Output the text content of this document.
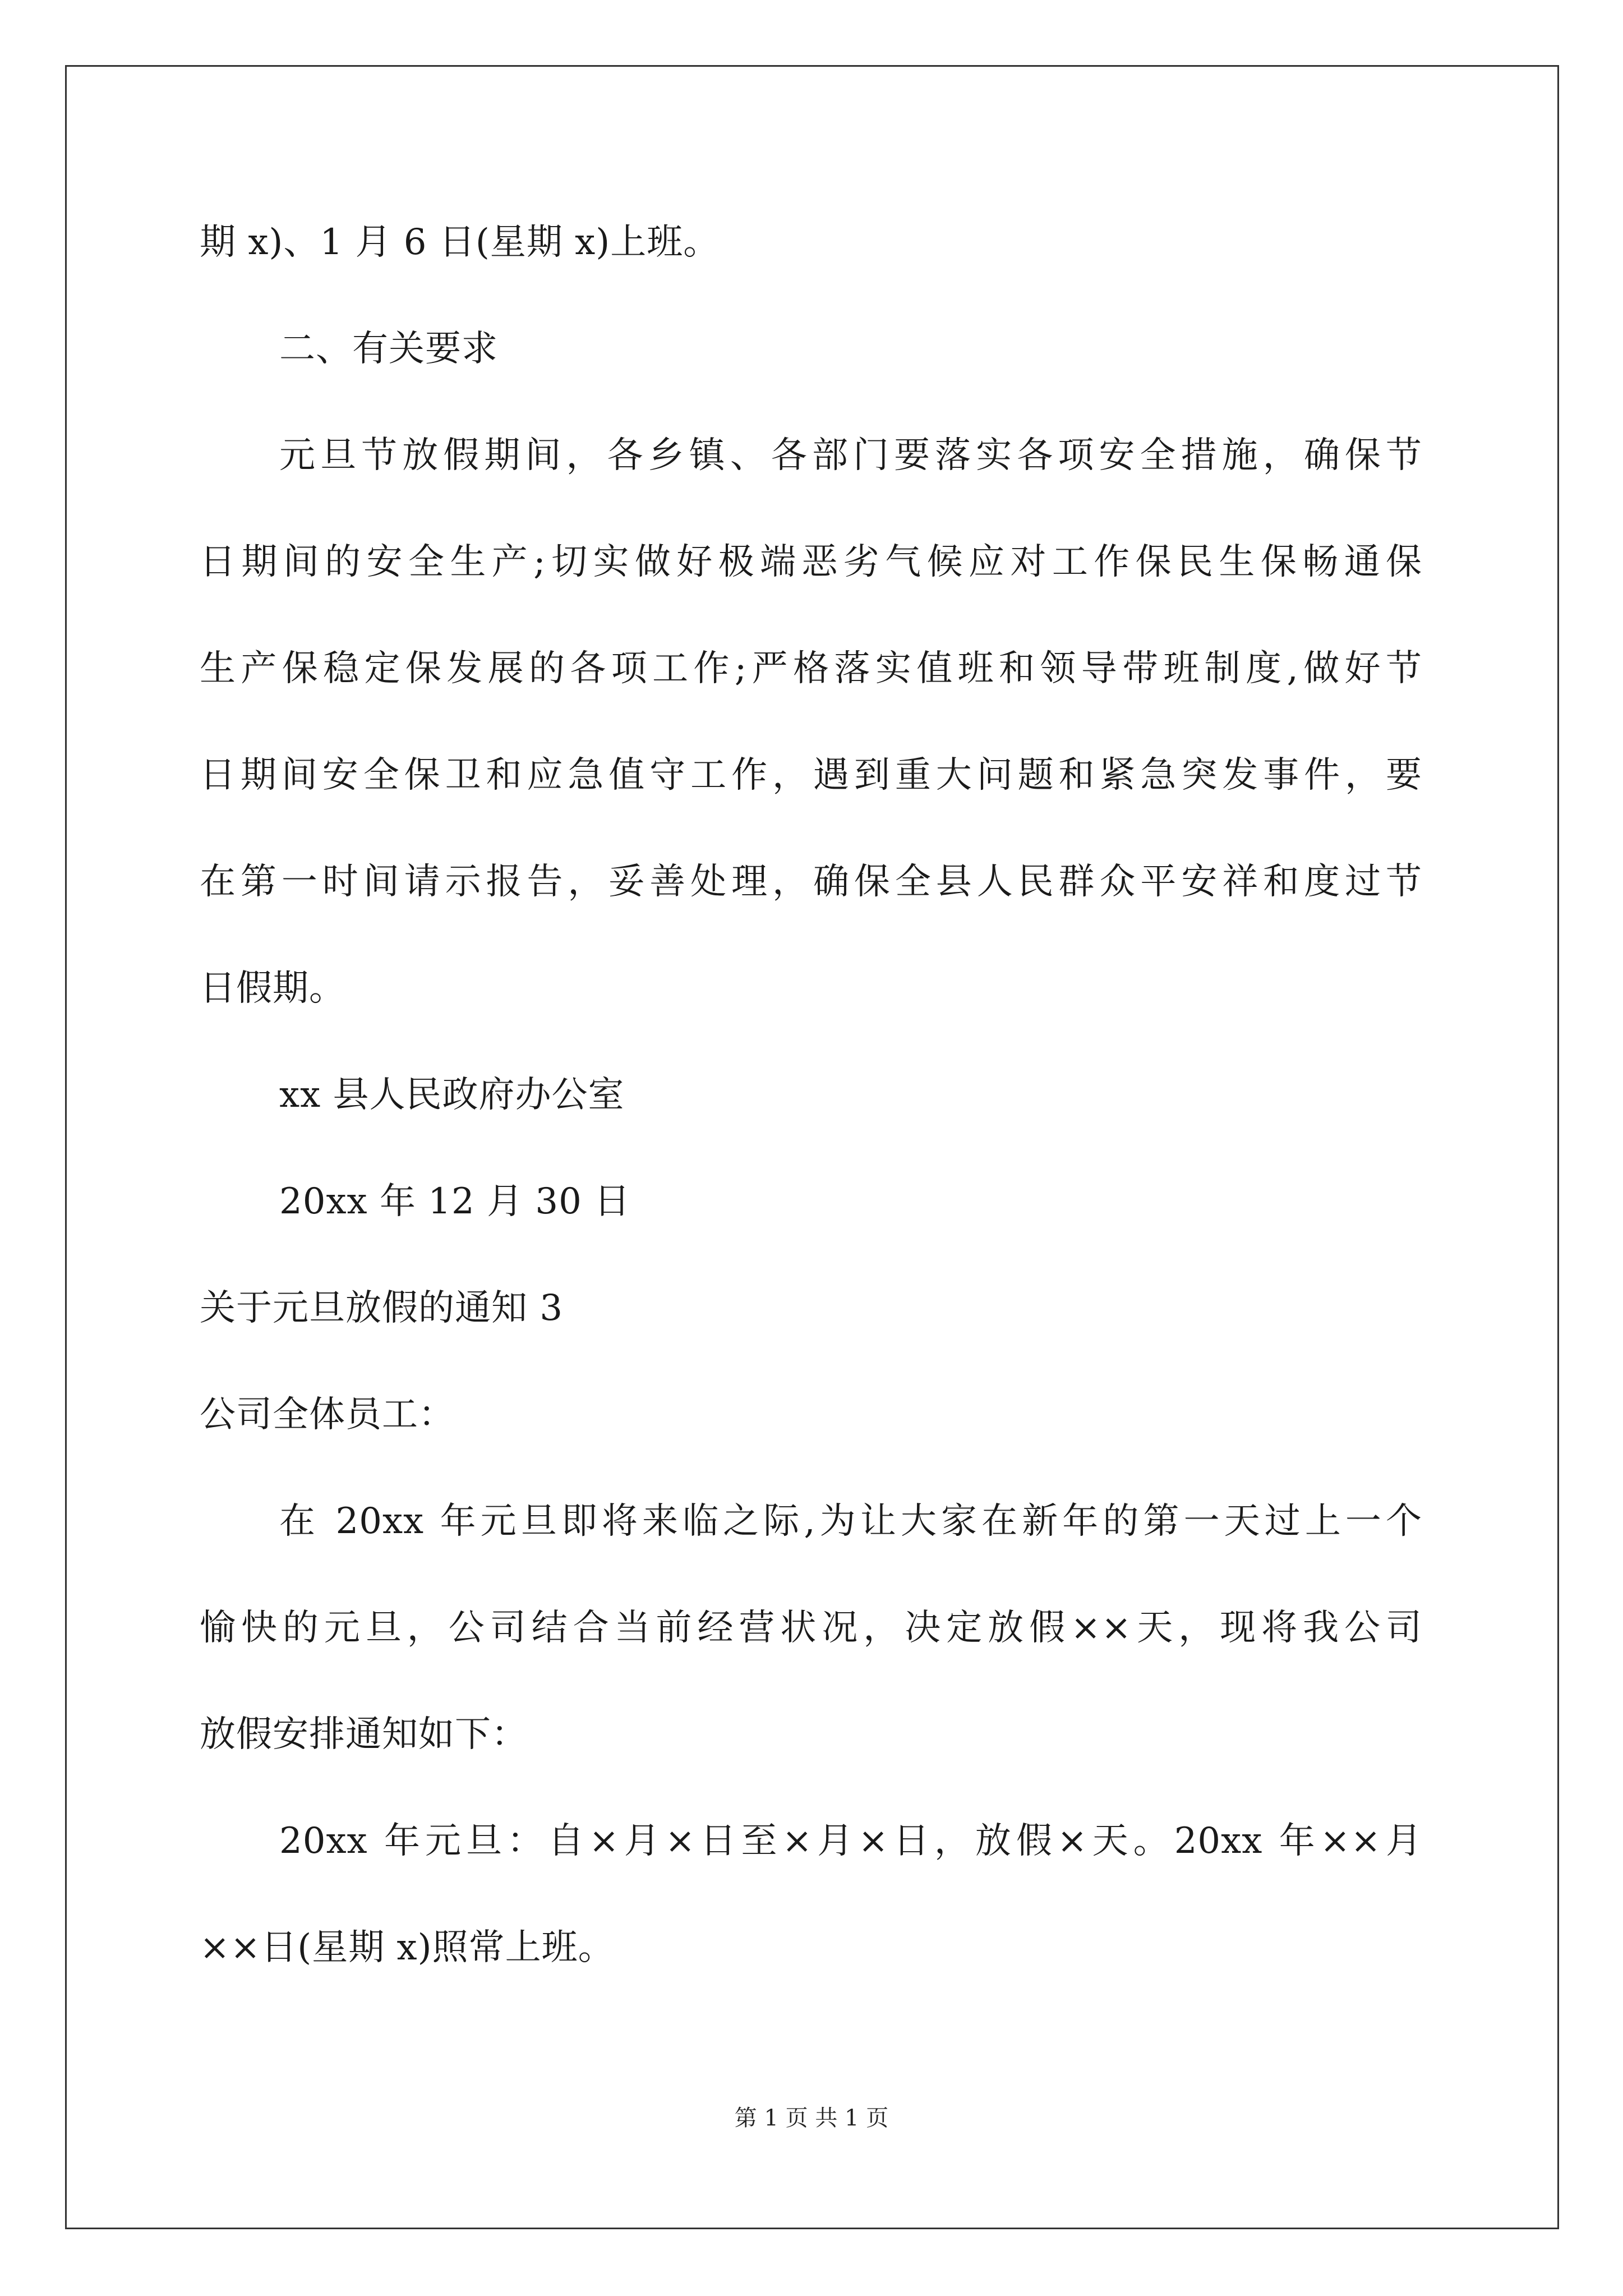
期 x)、1 月 6 日(星期 x)上班。
二、有关要求
元旦节放假期间，各乡镇、各部门要落实各项安全措施，确保节
日期间的安全生产;切实做好极端恶劣气候应对工作保民生保畅通保
生产保稳定保发展的各项工作;严格落实值班和领导带班制度,做好节
日期间安全保卫和应急值守工作，遇到重大问题和紧急突发事件，要
在第一时间请示报告，妥善处理，确保全县人民群众平安祥和度过节
日假期。
xx 县人民政府办公室
20xx 年 12 月 30 日
关于元旦放假的通知 3
公司全体员工：
在 20xx 年元旦即将来临之际,为让大家在新年的第一天过上一个
愉快的元旦，公司结合当前经营状况，决定放假××天，现将我公司
放假安排通知如下：
20xx 年元旦：自×月×日至×月×日，放假×天。20xx 年××月
××日(星期 x)照常上班。
第 1 页 共 1 页
